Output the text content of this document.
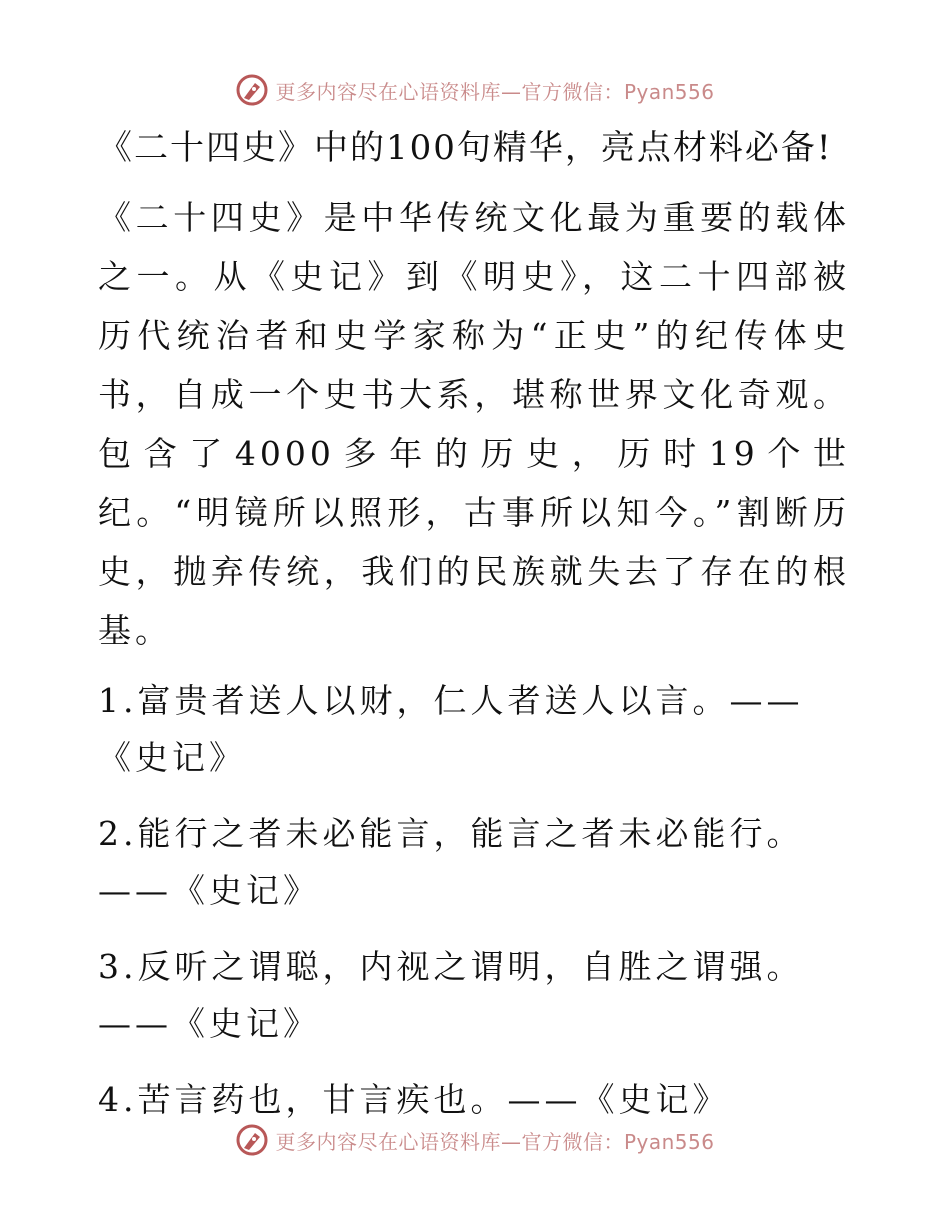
更多内容尽在心语资料库—官方微信：Pyan556
《二十四史》中的100句精华，亮点材料必备!

《二十四史》是中华传统文化最为重要的载体之一。从《史记》到《明史》，这二十四部被历代统治者和史学家称为“正史”的纪传体史书，自成一个史书大系，堪称世界文化奇观。包含了4000多年的历史，历时19个世纪。“明镜所以照形，古事所以知今。”割断历史，抛弃传统，我们的民族就失去了存在的根基。

1.富贵者送人以财，仁人者送人以言。——《史记》

2.能行之者未必能言，能言之者未必能行。——《史记》

3.反听之谓聪，内视之谓明，自胜之谓强。——《史记》

4.苦言药也，甘言疾也。——《史记》

更多内容尽在心语资料库—官方微信：Pyan556
